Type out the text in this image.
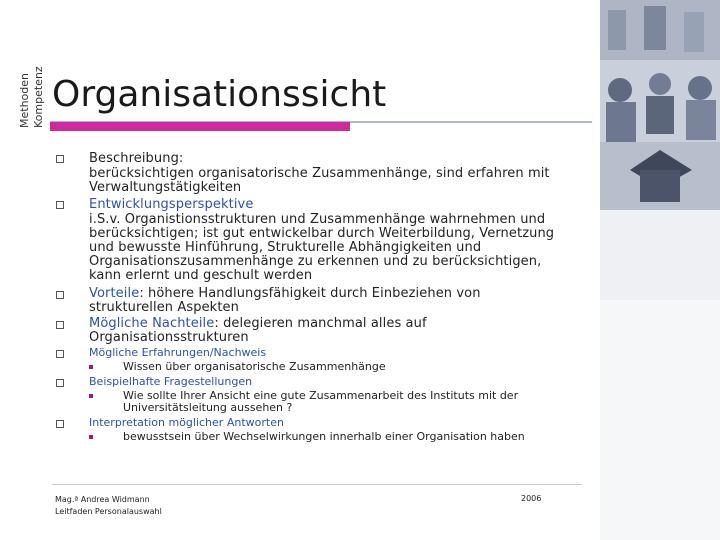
Methoden Kompetenz Organisationssicht
Beschreibung:
berücksichtigen organisatorische Zusammenhänge, sind erfahren mit
Verwaltungstätigkeiten
Entwicklungsperspektive
i.S.v. Organistionsstrukturen und Zusammenhänge wahrnehmen und
berücksichtigen; ist gut entwickelbar durch Weiterbildung, Vernetzung
und bewusste Hinführung, Strukturelle Abhängigkeiten und
Organisationszusammenhänge zu erkennen und zu berücksichtigen,
kann erlernt und geschult werden
Vorteile: höhere Handlungsfähigkeit durch Einbeziehen von
strukturellen Aspekten
Mögliche Nachteile: delegieren manchmal alles auf
Organisationsstrukturen
Mögliche Erfahrungen/Nachweis
Wissen über organisatorische Zusammenhänge
Beispielhafte Fragestellungen
Wie sollte Ihrer Ansicht eine gute Zusammenarbeit des Instituts mit der
Universitätsleitung aussehen ?
Interpretation möglicher Antworten
bewusstsein über Wechselwirkungen innerhalb einer Organisation haben
Mag.ª Andrea Widmann
Leitfaden Personalauswahl
2006
